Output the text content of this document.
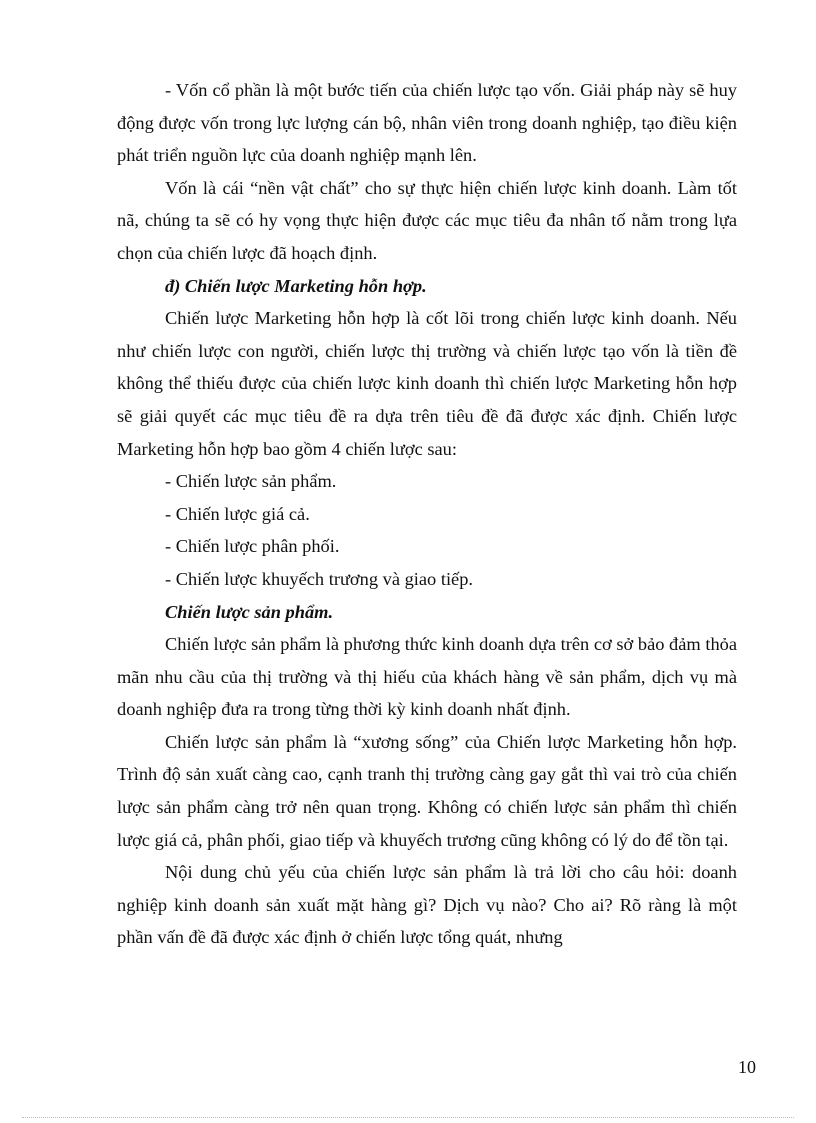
- Vốn cổ phần là một bước tiến của chiến lược tạo vốn. Giải pháp này sẽ huy động được vốn trong lực lượng cán bộ, nhân viên trong doanh nghiệp, tạo điều kiện phát triển nguồn lực của doanh nghiệp mạnh lên.

Vốn là cái “nền vật chất” cho sự thực hiện chiến lược kinh doanh. Làm tốt nã, chúng ta sẽ có hy vọng thực hiện được các mục tiêu đa nhân tố nằm trong lựa chọn của chiến lược đã hoạch định.

đ) Chiến lược Marketing hỗn hợp.

Chiến lược Marketing hỗn hợp là cốt lõi trong chiến lược kinh doanh. Nếu như chiến lược con người, chiến lược thị trường và chiến lược tạo vốn là tiền đề không thể thiếu được của chiến lược kinh doanh thì chiến lược Marketing hỗn hợp sẽ giải quyết các mục tiêu đề ra dựa trên tiêu đề đã được xác định. Chiến lược Marketing hỗn hợp bao gồm 4 chiến lược sau:

- Chiến lược sản phẩm.

- Chiến lược giá cả.

- Chiến lược phân phối.

- Chiến lược khuyếch trương và giao tiếp.

Chiến lược sản phẩm.

Chiến lược sản phẩm là phương thức kinh doanh dựa trên cơ sở bảo đảm thỏa mãn nhu cầu của thị trường và thị hiếu của khách hàng về sản phẩm, dịch vụ mà doanh nghiệp đưa ra trong từng thời kỳ kinh doanh nhất định.

Chiến lược sản phẩm là “xương sống” của Chiến lược Marketing hỗn hợp. Trình độ sản xuất càng cao, cạnh tranh thị trường càng gay gắt thì vai trò của chiến lược sản phẩm càng trở nên quan trọng. Không có chiến lược sản phẩm thì chiến lược giá cả, phân phối, giao tiếp và khuyếch trương cũng không có lý do để tồn tại.

Nội dung chủ yếu của chiến lược sản phẩm là trả lời cho câu hỏi: doanh nghiệp kinh doanh sản xuất mặt hàng gì? Dịch vụ nào? Cho ai? Rõ ràng là một phần vấn đề đã được xác định ở chiến lược tổng quát, nhưng

10
